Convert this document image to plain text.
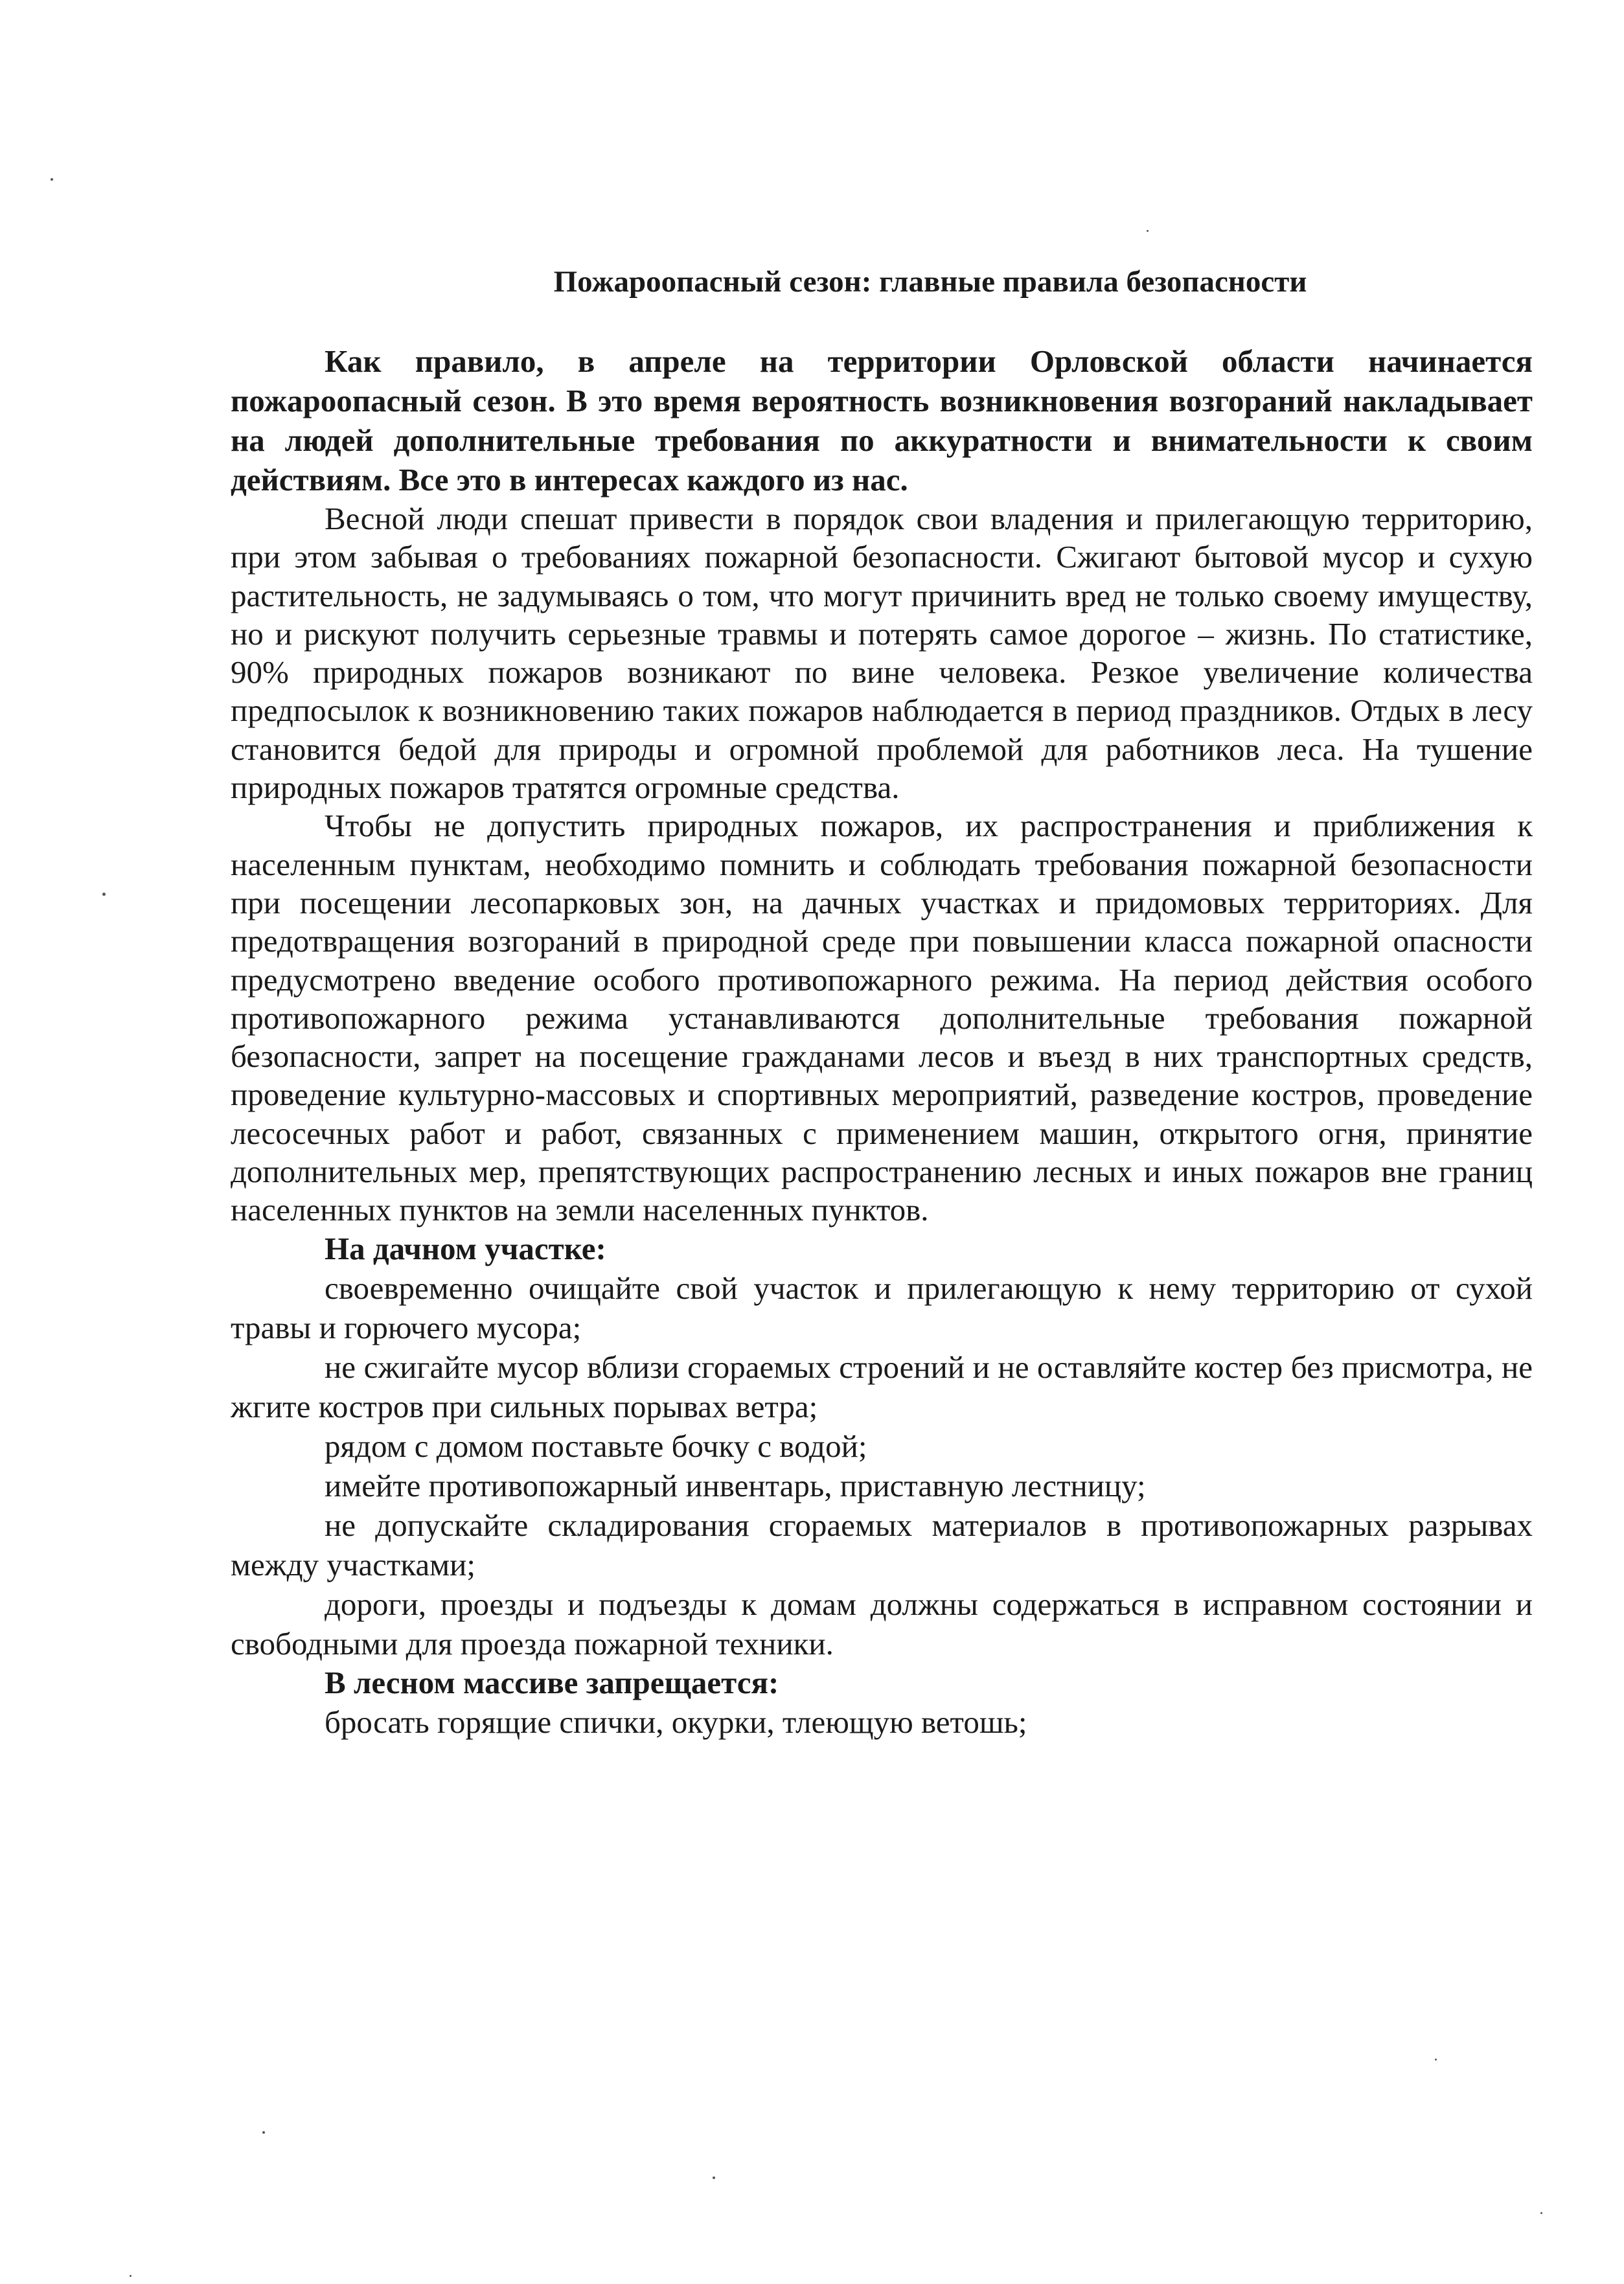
Пожароопасный сезон: главные правила безопасности

Как правило, в апреле на территории Орловской области начинается пожароопасный сезон. В это время вероятность возникновения возгораний накладывает на людей дополнительные требования по аккуратности и внимательности к своим действиям. Все это в интересах каждого из нас.

Весной люди спешат привести в порядок свои владения и прилегающую территорию, при этом забывая о требованиях пожарной безопасности. Сжигают бытовой мусор и сухую растительность, не задумываясь о том, что могут причинить вред не только своему имуществу, но и рискуют получить серьезные травмы и потерять самое дорогое – жизнь. По статистике, 90% природных пожаров возникают по вине человека. Резкое увеличение количества предпосылок к возникновению таких пожаров наблюдается в период праздников. Отдых в лесу становится бедой для природы и огромной проблемой для работников леса. На тушение природных пожаров тратятся огромные средства.

Чтобы не допустить природных пожаров, их распространения и приближения к населенным пунктам, необходимо помнить и соблюдать требования пожарной безопасности при посещении лесопарковых зон, на дачных участках и придомовых территориях. Для предотвращения возгораний в природной среде при повышении класса пожарной опасности предусмотрено введение особого противопожарного режима. На период действия особого противопожарного режима устанавливаются дополнительные требования пожарной безопасности, запрет на посещение гражданами лесов и въезд в них транспортных средств, проведение культурно-массовых и спортивных мероприятий, разведение костров, проведение лесосечных работ и работ, связанных с применением машин, открытого огня, принятие дополнительных мер, препятствующих распространению лесных и иных пожаров вне границ населенных пунктов на земли населенных пунктов.

На дачном участке:

своевременно очищайте свой участок и прилегающую к нему территорию от сухой травы и горючего мусора;

не сжигайте мусор вблизи сгораемых строений и не оставляйте костер без присмотра, не жгите костров при сильных порывах ветра;

рядом с домом поставьте бочку с водой;

имейте противопожарный инвентарь, приставную лестницу;

не допускайте складирования сгораемых материалов в противопожарных разрывах между участками;

дороги, проезды и подъезды к домам должны содержаться в исправном состоянии и свободными для проезда пожарной техники.

В лесном массиве запрещается:

бросать горящие спички, окурки, тлеющую ветошь;
